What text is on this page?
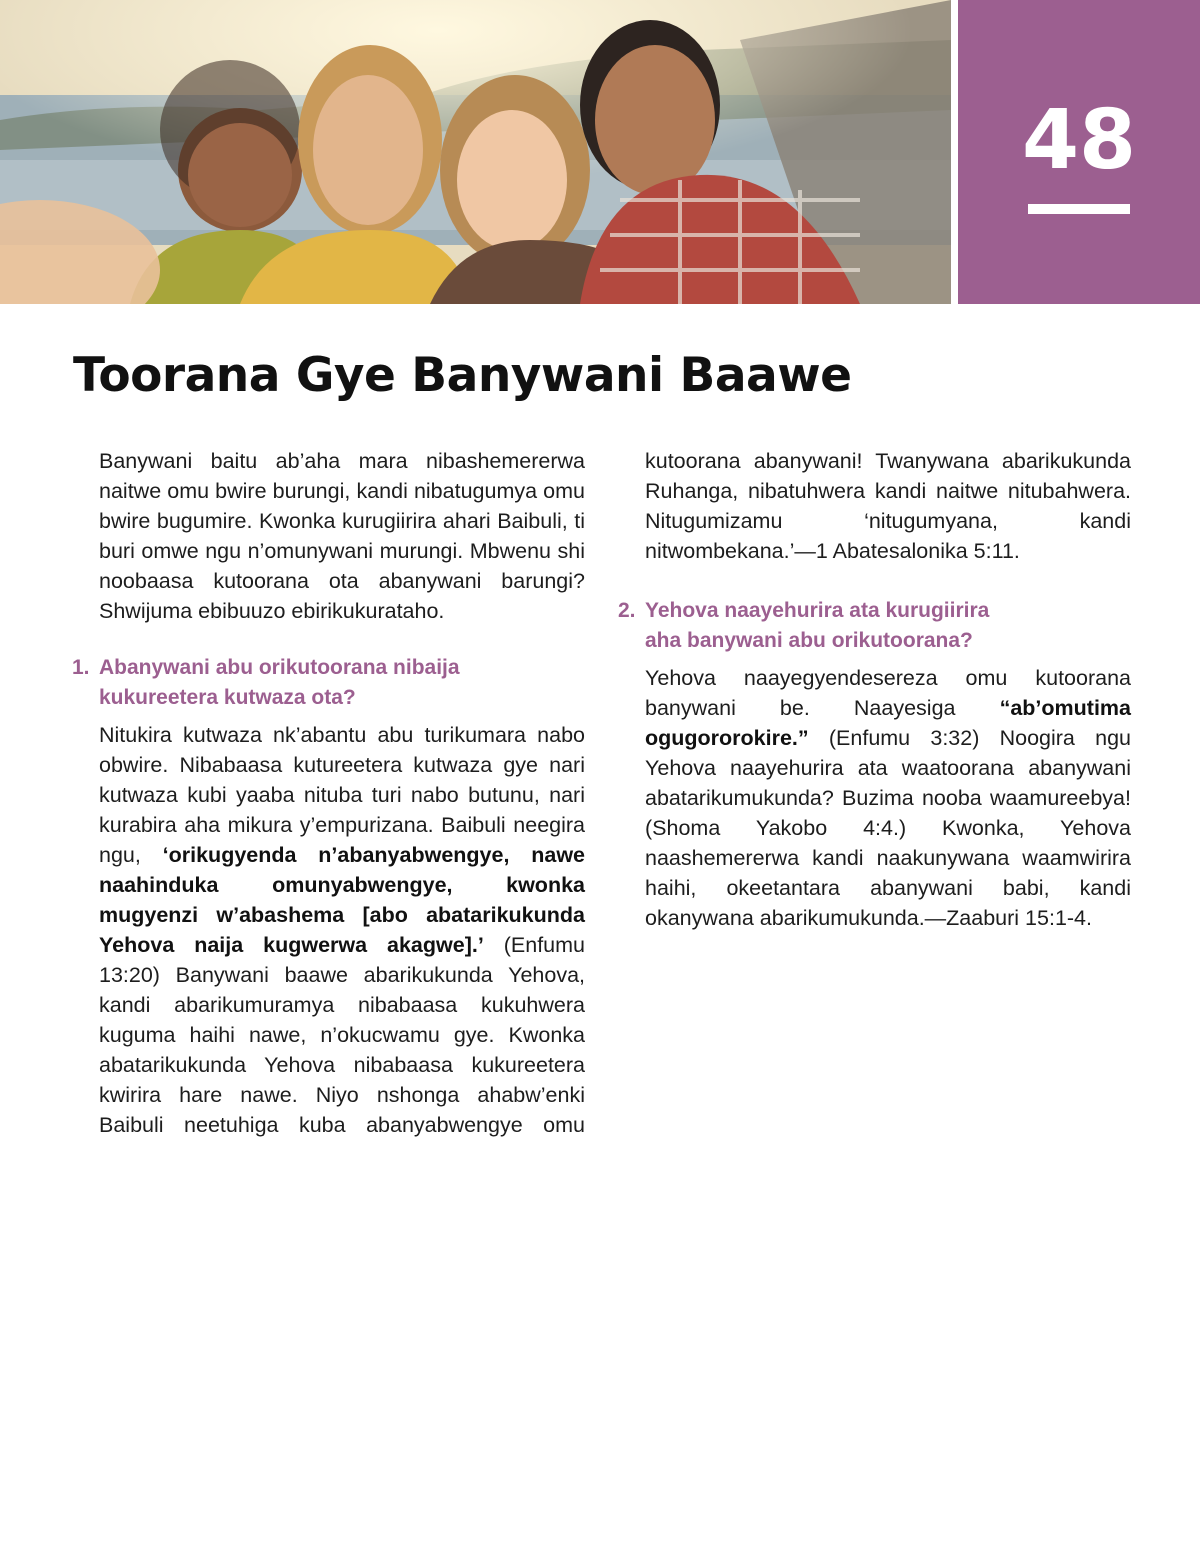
48
Toorana Gye Banywani Baawe

Banywani baitu ab’aha mara nibashemererwa naitwe omu bwire burungi, kandi nibatugumya omu bwire bugumire. Kwonka kurugiirira ahari Baibuli, ti buri omwe ngu n’omunywani murungi. Mbwenu shi noobaasa kutoorana ota abanywani barungi? Shwijuma ebibuuzo ebirikukurataho.

1. Abanywani abu orikutoorana nibaija
kukureetera kutwaza ota?

Nitukira kutwaza nk’abantu abu turikumara nabo obwire. Nibabaasa kutureetera kutwaza gye nari kutwaza kubi yaaba nituba turi nabo butunu, nari kurabira aha mikura y’empurizana. Baibuli neegira ngu, ‘orikugyenda n’abanyabwengye, nawe naahinduka omunyabwengye, kwonka mugyenzi w’abashema [abo abatarikukunda Yehova naija kugwerwa akagwe].’ (Enfumu 13:20) Banywani baawe abarikukunda Yehova, kandi abarikumuramya nibabaasa kukuhwera kuguma haihi nawe, n’okucwamu gye. Kwonka abatarikukunda Yehova nibabaasa kukureetera kwirira hare nawe. Niyo nshonga ahabw’enki Baibuli neetuhiga kuba abanyabwengye omu

kutoorana abanywani! Twanywana abarikukunda Ruhanga, nibatuhwera kandi naitwe nitubahwera. Nitugumizamu ‘nitugumyana, kandi nitwombekana.’—1 Abatesalonika 5:11.

2. Yehova naayehurira ata kurugiirira
aha banywani abu orikutoorana?

Yehova naayegyendesereza omu kutoorana banywani be. Naayesiga “ab’omutima ogugororokire.” (Enfumu 3:32) Noogira ngu Yehova naayehurira ata waatoorana abanywani abatarikumukunda? Buzima nooba waamureebya! (Shoma Yakobo 4:4.) Kwonka, Yehova naashemererwa kandi naakunywana waamwirira haihi, okeetantara abanywani babi, kandi okanywana abarikumukunda.—Zaaburi 15:1-4.
